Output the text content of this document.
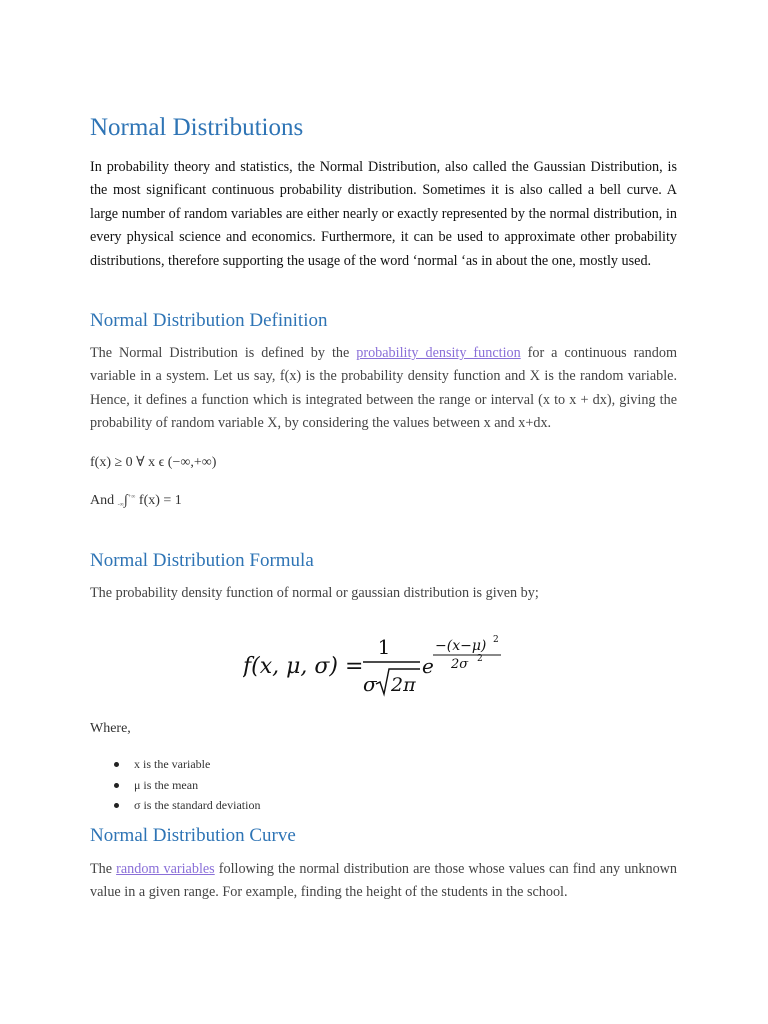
Normal Distributions

In probability theory and statistics, the Normal Distribution, also called the Gaussian Distribution, is the most significant continuous probability distribution. Sometimes it is also called a bell curve. A large number of random variables are either nearly or exactly represented by the normal distribution, in every physical science and economics. Furthermore, it can be used to approximate other probability distributions, therefore supporting the usage of the word ‘normal ‘as in about the one, mostly used.

Normal Distribution Definition

The Normal Distribution is defined by the probability density function for a continuous random variable in a system. Let us say, f(x) is the probability density function and X is the random variable. Hence, it defines a function which is integrated between the range or interval (x to x + dx), giving the probability of random variable X, by considering the values between x and x+dx.

f(x) ≥ 0 ∀ x ϵ (−∞,+∞)

And -∞∫+∞ f(x) = 1

Normal Distribution Formula

The probability density function of normal or gaussian distribution is given by;

f(x, μ, σ) =
1
σ 2π
e
−(x−μ) 2
2σ 2

Where,

x is the variable
μ is the mean
σ is the standard deviation
Normal Distribution Curve

The random variables following the normal distribution are those whose values can find any unknown value in a given range. For example, finding the height of the students in the school.
